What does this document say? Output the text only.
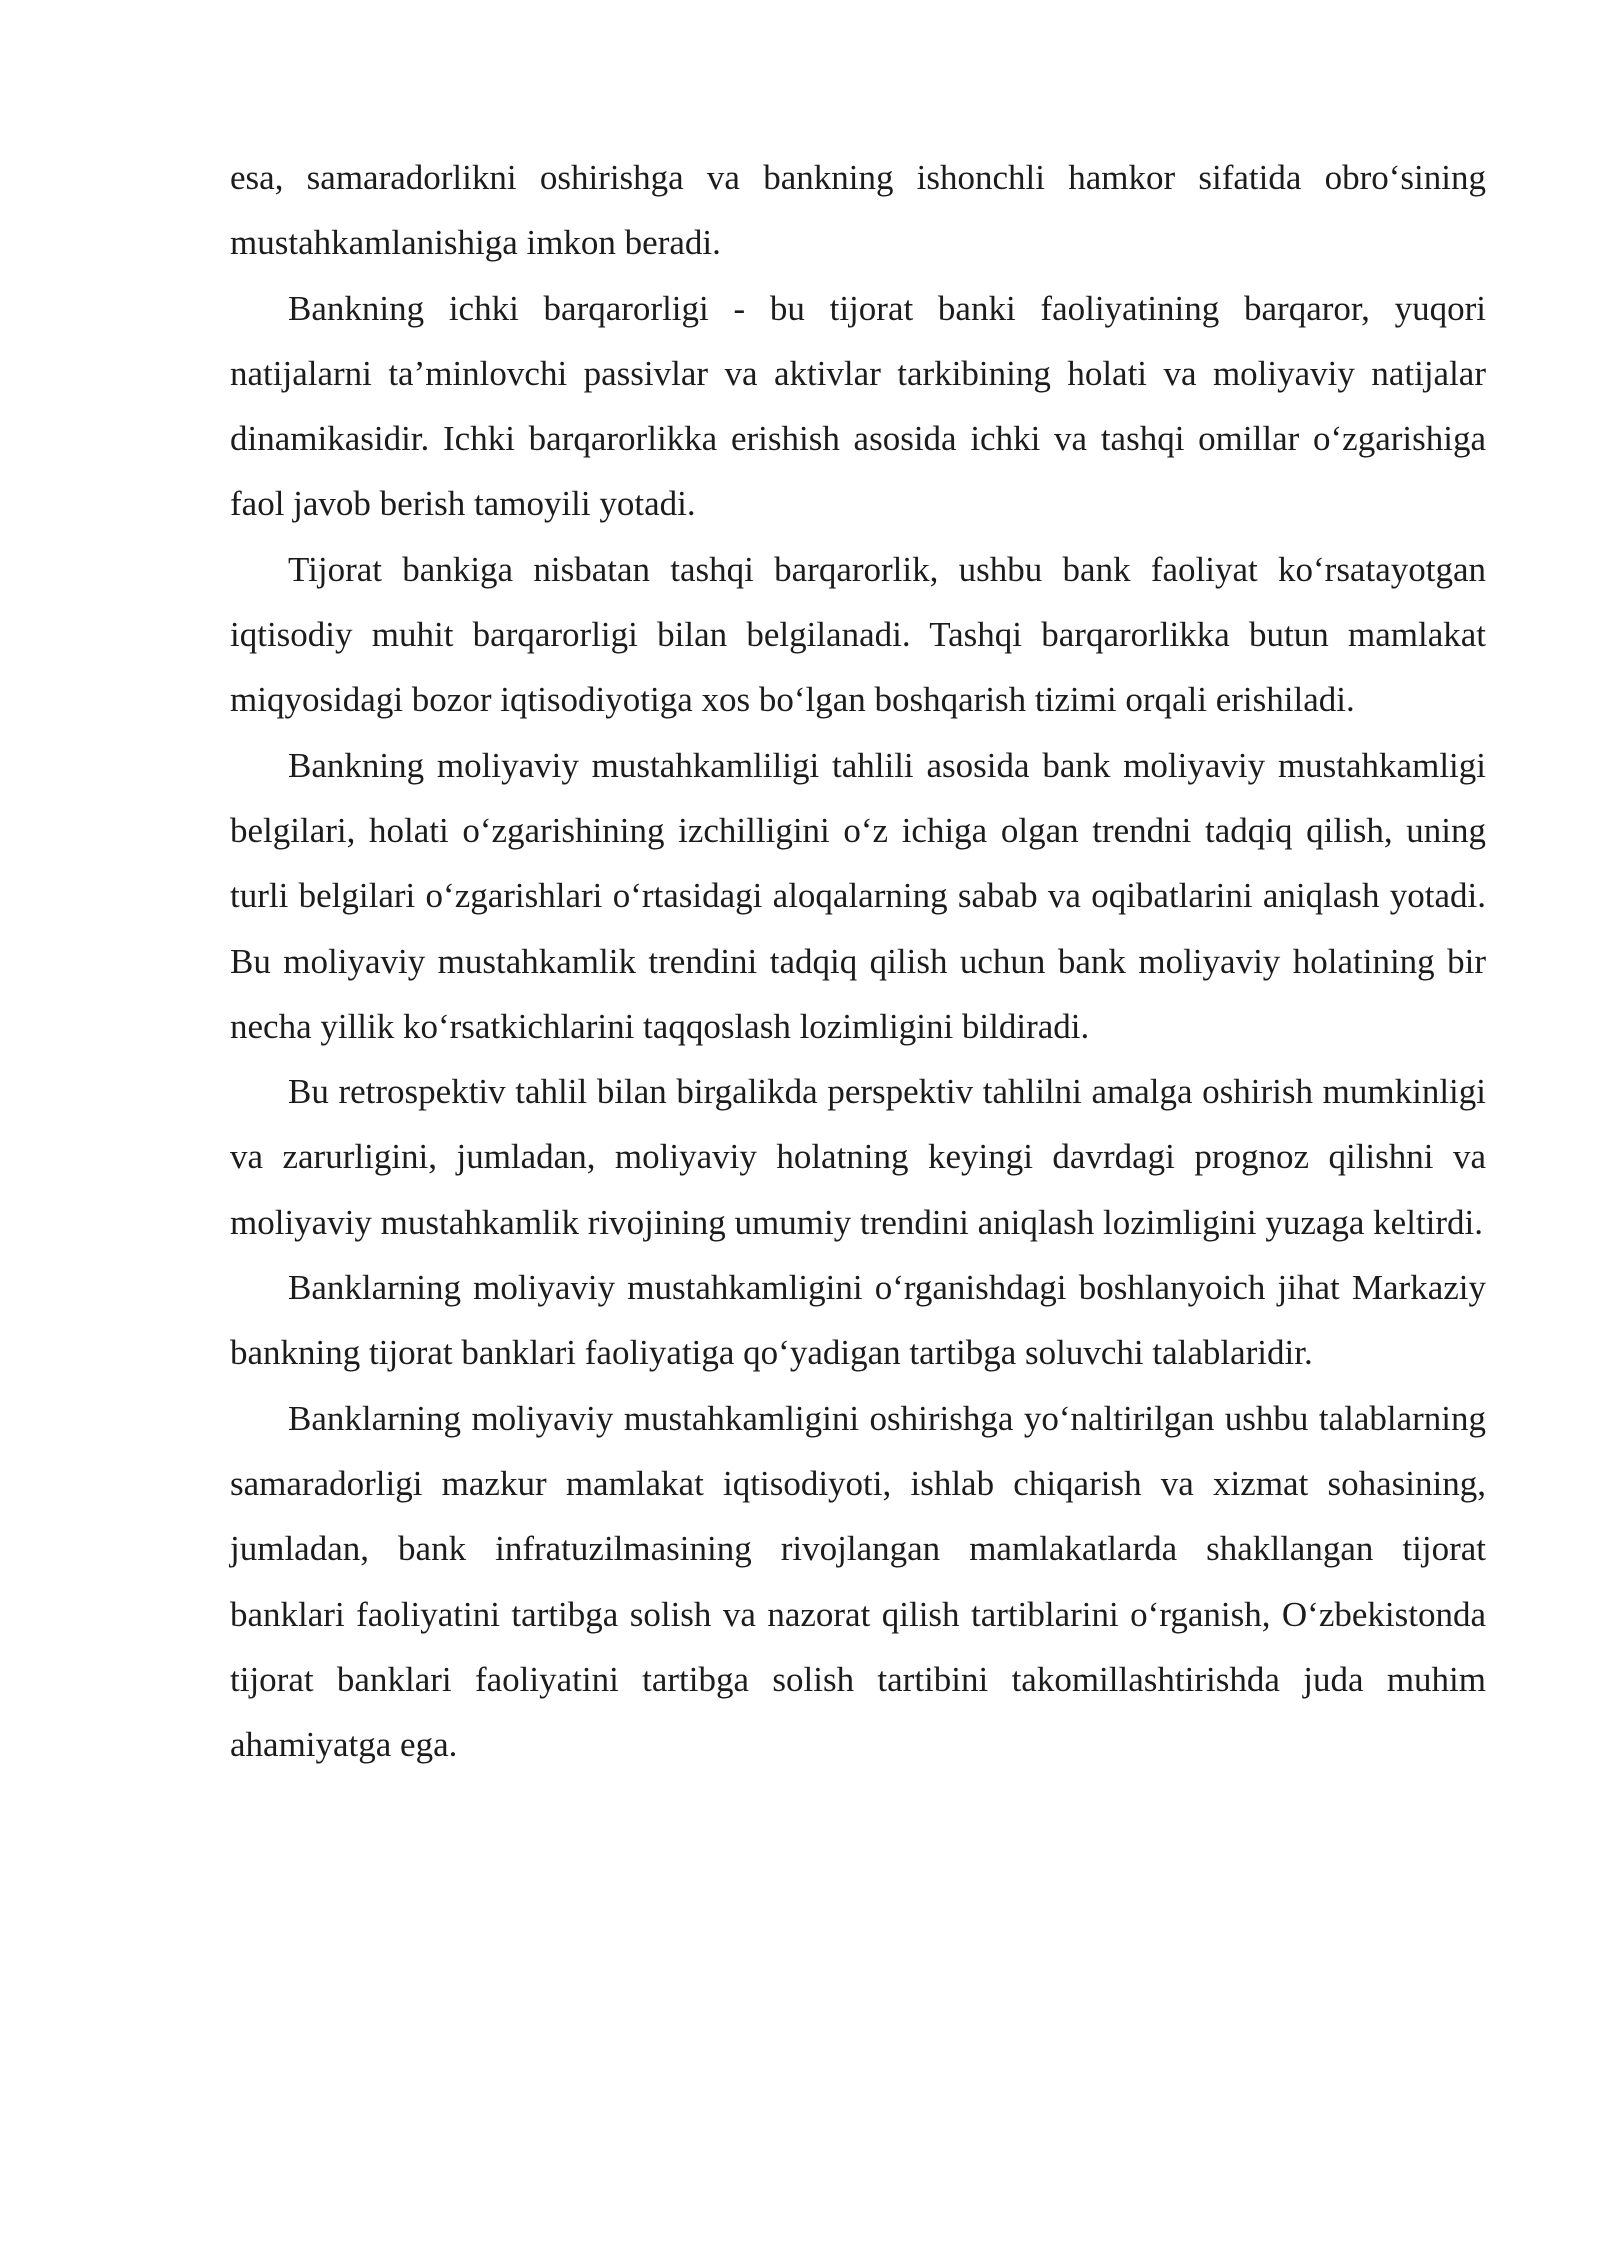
esa, samaradorlikni oshirishga va bankning ishonchli hamkor sifatida obro‘sining mustahkamlanishiga imkon beradi.

Bankning ichki barqarorligi - bu tijorat banki faoliyatining barqaror, yuqori natijalarni ta’minlovchi passivlar va aktivlar tarkibining holati va moliyaviy natijalar dinamikasidir. Ichki barqarorlikka erishish asosida ichki va tashqi omillar o‘zgarishiga faol javob berish tamoyili yotadi.

Tijorat bankiga nisbatan tashqi barqarorlik, ushbu bank faoliyat ko‘rsatayotgan iqtisodiy muhit barqarorligi bilan belgilanadi. Tashqi barqarorlikka butun mamlakat miqyosidagi bozor iqtisodiyotiga xos bo‘lgan boshqarish tizimi orqali erishiladi.

Bankning moliyaviy mustahkamliligi tahlili asosida bank moliyaviy mustahkamligi belgilari, holati o‘zgarishining izchilligini o‘z ichiga olgan trendni tadqiq qilish, uning turli belgilari o‘zgarishlari o‘rtasidagi aloqalarning sabab va oqibatlarini aniqlash yotadi. Bu moliyaviy mustahkamlik trendini tadqiq qilish uchun bank moliyaviy holatining bir necha yillik ko‘rsatkichlarini taqqoslash lozimligini bildiradi.

Bu retrospektiv tahlil bilan birgalikda perspektiv tahlilni amalga oshirish mumkinligi va zarurligini, jumladan, moliyaviy holatning keyingi davrdagi prognoz qilishni va moliyaviy mustahkamlik rivojining umumiy trendini aniqlash lozimligini yuzaga keltirdi.

Banklarning moliyaviy mustahkamligini o‘rganishdagi boshlanyoich jihat Markaziy bankning tijorat banklari faoliyatiga qo‘yadigan tartibga soluvchi talablaridir.

Banklarning moliyaviy mustahkamligini oshirishga yo‘naltirilgan ushbu talablarning samaradorligi mazkur mamlakat iqtisodiyoti, ishlab chiqarish va xizmat sohasining, jumladan, bank infratuzilmasining rivojlangan mamlakatlarda shakllangan tijorat banklari faoliyatini tartibga solish va nazorat qilish tartiblarini o‘rganish, O‘zbekistonda tijorat banklari faoliyatini tartibga solish tartibini takomillashtirishda juda muhim ahamiyatga ega.
